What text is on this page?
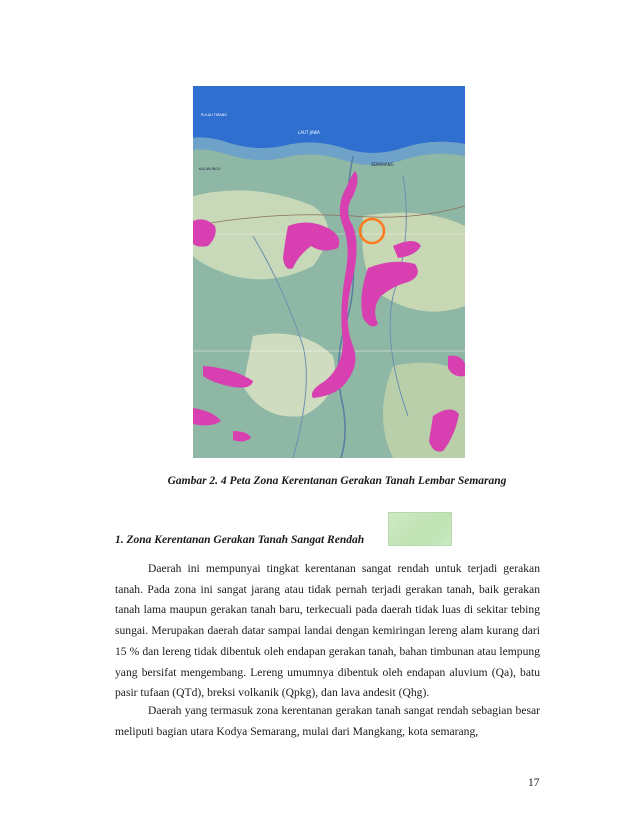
LAUT JAWA
SEMARANG
PULAU TIRANG
KALIWUNGU
Gambar 2. 4 Peta Zona Kerentanan Gerakan Tanah Lembar Semarang
1. Zona Kerentanan Gerakan Tanah Sangat Rendah

Daerah ini mempunyai tingkat kerentanan sangat rendah untuk terjadi gerakan tanah. Pada zona ini sangat jarang atau tidak pernah terjadi gerakan tanah, baik gerakan tanah lama maupun gerakan tanah baru, terkecuali pada daerah tidak luas di sekitar tebing sungai. Merupakan daerah datar sampai landai dengan kemiringan lereng alam kurang dari 15 % dan lereng tidak dibentuk oleh endapan gerakan tanah, bahan timbunan atau lempung yang bersifat mengembang. Lereng umumnya dibentuk oleh endapan aluvium (Qa), batu pasir tufaan (QTd), breksi volkanik (Qpkg), dan lava andesit (Qhg).

Daerah yang termasuk zona kerentanan gerakan tanah sangat rendah sebagian besar meliputi bagian utara Kodya Semarang, mulai dari Mangkang, kota semarang,

17
